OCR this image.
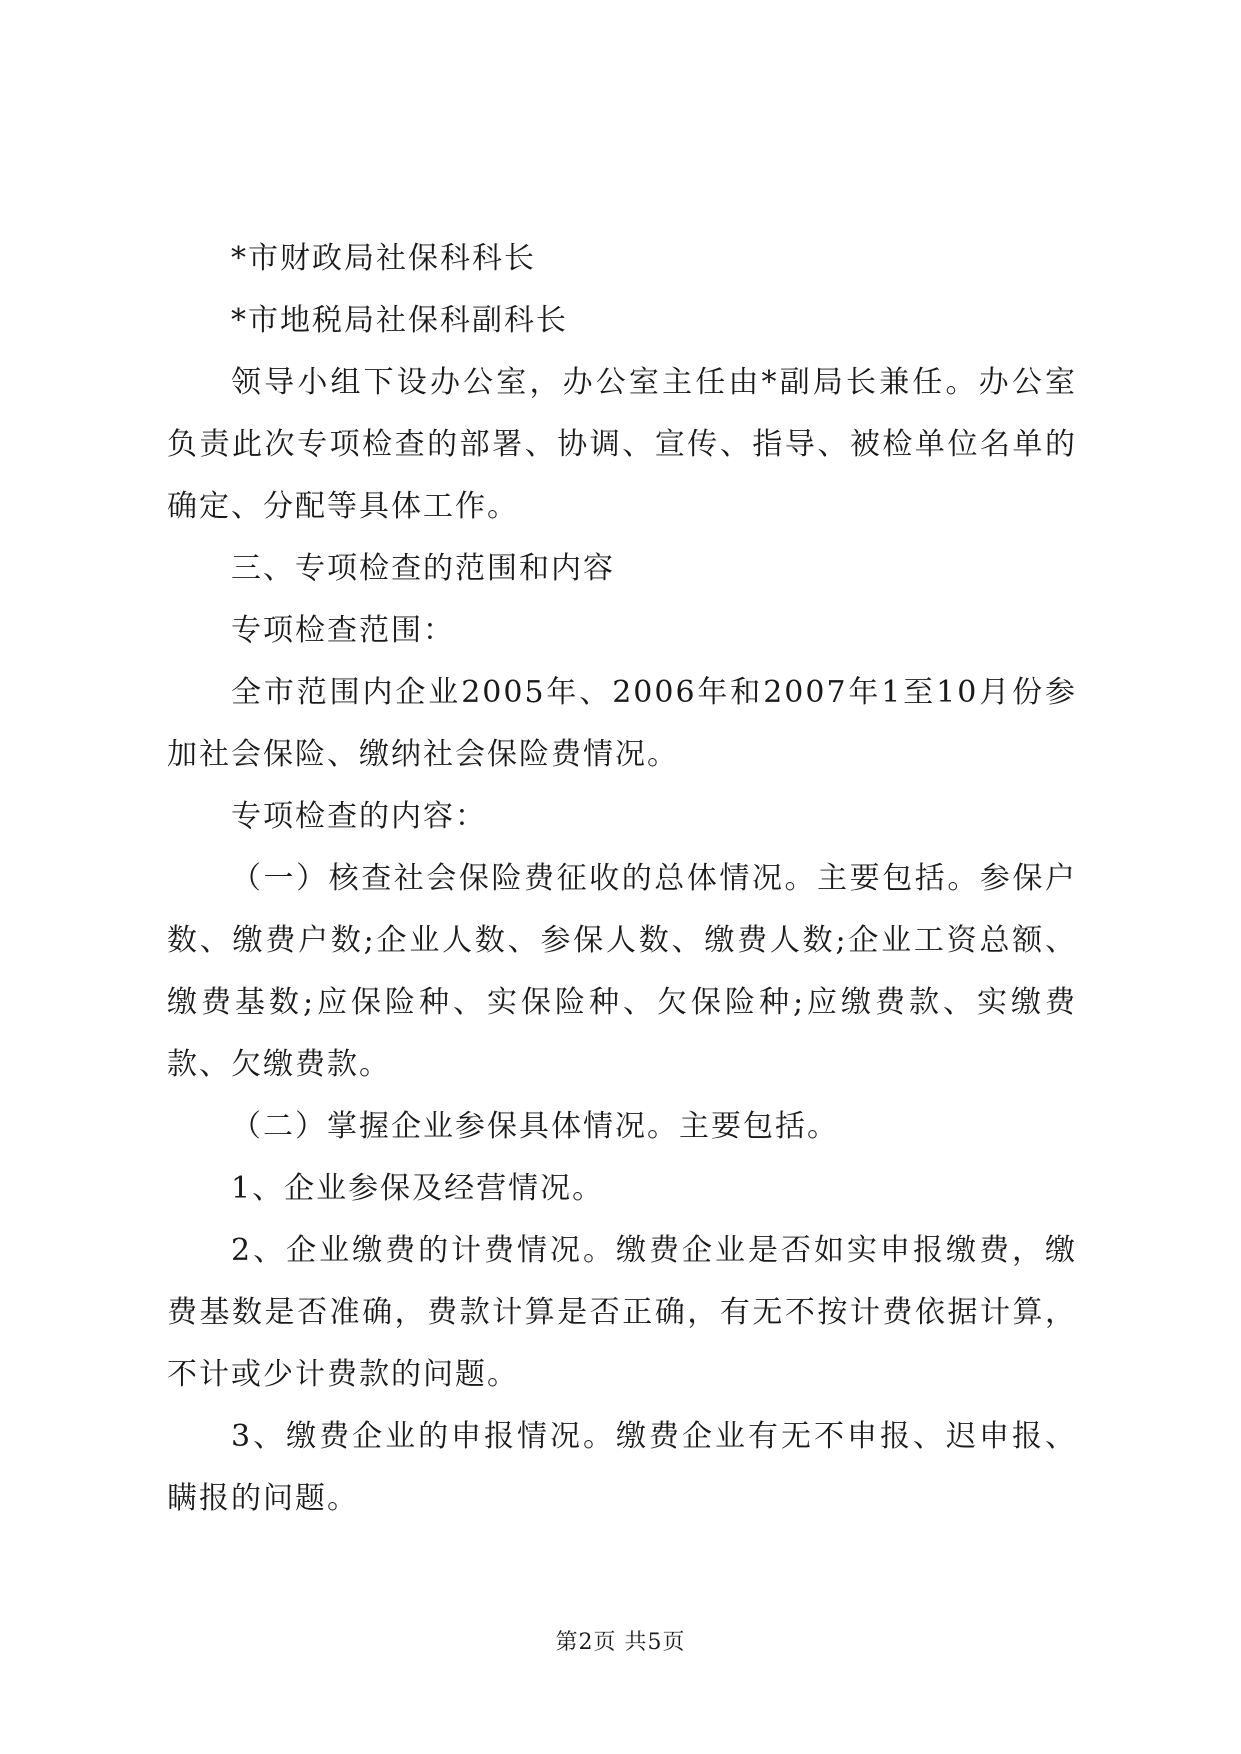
*市财政局社保科科长

*市地税局社保科副科长

领导小组下设办公室，办公室主任由*副局长兼任。办公室负责此次专项检查的部署、协调、宣传、指导、被检单位名单的确定、分配等具体工作。

三、专项检查的范围和内容

专项检查范围：

全市范围内企业2005年、2006年和2007年1至10月份参加社会保险、缴纳社会保险费情况。

专项检查的内容：

（一）核查社会保险费征收的总体情况。主要包括。参保户数、缴费户数;企业人数、参保人数、缴费人数;企业工资总额、缴费基数;应保险种、实保险种、欠保险种;应缴费款、实缴费款、欠缴费款。

（二）掌握企业参保具体情况。主要包括。

1、企业参保及经营情况。

2、企业缴费的计费情况。缴费企业是否如实申报缴费，缴费基数是否准确，费款计算是否正确，有无不按计费依据计算，不计或少计费款的问题。

3、缴费企业的申报情况。缴费企业有无不申报、迟申报、瞒报的问题。

第2页 共5页
